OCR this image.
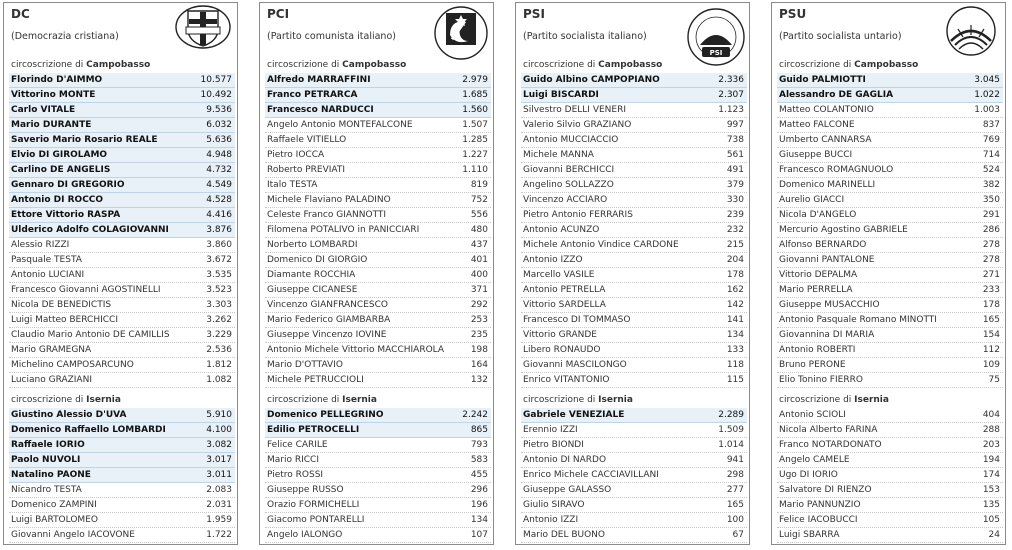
DC
(Democrazia cristiana)
circoscrizione di Campobasso
Florindo D'AIMMO	10.577
Vittorino MONTE	10.492
Carlo VITALE	9.536
Mario DURANTE	6.032
Saverio Mario Rosario REALE	5.636
Elvio DI GIROLAMO	4.948
Carlino DE ANGELIS	4.732
Gennaro DI GREGORIO	4.549
Antonio DI ROCCO	4.528
Ettore Vittorio RASPA	4.416
Ulderico Adolfo COLAGIOVANNI	3.876
Alessio RIZZI	3.860
Pasquale TESTA	3.672
Antonio LUCIANI	3.535
Francesco Giovanni AGOSTINELLI	3.523
Nicola DE BENEDICTIS	3.303
Luigi Matteo BERCHICCI	3.262
Claudio Mario Antonio DE CAMILLIS	3.229
Mario GRAMEGNA	2.536
Michelino CAMPOSARCUNO	1.812
Luciano GRAZIANI	1.082
circoscrizione di Isernia
Giustino Alessio D'UVA	5.910
Domenico Raffaello LOMBARDI	4.100
Raffaele IORIO	3.082
Paolo NUVOLI	3.017
Natalino PAONE	3.011
Nicandro TESTA	2.083
Domenico ZAMPINI	2.031
Luigi BARTOLOMEO	1.959
Giovanni Angelo IACOVONE	1.722
PCI
(Partito comunista italiano)
circoscrizione di Campobasso
Alfredo MARRAFFINI	2.979
Franco PETRARCA	1.685
Francesco NARDUCCI	1.560
Angelo Antonio MONTEFALCONE	1.507
Raffaele VITIELLO	1.285
Pietro IOCCA	1.227
Roberto PREVIATI	1.110
Italo TESTA	819
Michele Flaviano PALADINO	752
Celeste Franco GIANNOTTI	556
Filomena POTALIVO in PANICCIARI	480
Norberto LOMBARDI	437
Domenico DI GIORGIO	401
Diamante ROCCHIA	400
Giuseppe CICANESE	371
Vincenzo GIANFRANCESCO	292
Mario Federico GIAMBARBA	253
Giuseppe Vincenzo IOVINE	235
Antonio Michele Vittorio MACCHIAROLA	198
Mario D'OTTAVIO	164
Michele PETRUCCIOLI	132
circoscrizione di Isernia
Domenico PELLEGRINO	2.242
Edilio PETROCELLI	865
Felice CARILE	793
Mario RICCI	583
Pietro ROSSI	455
Giuseppe RUSSO	296
Orazio FORMICHELLI	196
Giacomo PONTARELLI	134
Angelo IALONGO	107
PSI
(Partito socialista italiano)
PSI
circoscrizione di Campobasso
Guido Albino CAMPOPIANO	2.336
Luigi BISCARDI	2.307
Silvestro DELLI VENERI	1.123
Valerio Silvio GRAZIANO	997
Antonio MUCCIACCIO	738
Michele MANNA	561
Giovanni BERCHICCI	491
Angelino SOLLAZZO	379
Vincenzo ACCIARO	330
Pietro Antonio FERRARIS	239
Antonio ACUNZO	232
Michele Antonio Vindice CARDONE	215
Antonio IZZO	204
Marcello VASILE	178
Antonio PETRELLA	162
Vittorio SARDELLA	142
Francesco DI TOMMASO	141
Vittorio GRANDE	134
Libero RONAUDO	133
Giovanni MASCILONGO	118
Enrico VITANTONIO	115
circoscrizione di Isernia
Gabriele VENEZIALE	2.289
Erennio IZZI	1.509
Pietro BIONDI	1.014
Antonio DI NARDO	941
Enrico Michele CACCIAVILLANI	298
Giuseppe GALASSO	277
Giulio SIRAVO	165
Antonio IZZI	100
Mario DEL BUONO	67
PSU
(Partito socialista untario)
circoscrizione di Campobasso
Guido PALMIOTTI	3.045
Alessandro DE GAGLIA	1.022
Matteo COLANTONIO	1.003
Matteo FALCONE	837
Umberto CANNARSA	769
Giuseppe BUCCI	714
Francesco ROMAGNUOLO	524
Domenico MARINELLI	382
Aurelio GIACCI	350
Nicola D'ANGELO	291
Mercurio Agostino GABRIELE	286
Alfonso BERNARDO	278
Giovanni PANTALONE	278
Vittorio DEPALMA	271
Mario PERRELLA	233
Giuseppe MUSACCHIO	178
Antonio Pasquale Romano MINOTTI	165
Giovannina DI MARIA	154
Antonio ROBERTI	112
Bruno PERONE	109
Elio Tonino FIERRO	75
circoscrizione di Isernia
Antonio SCIOLI	404
Nicola Alberto FARINA	288
Franco NOTARDONATO	203
Angelo CAMELE	194
Ugo DI IORIO	174
Salvatore DI RIENZO	153
Mario PANNUNZIO	135
Felice IACOBUCCI	105
Luigi SBARRA	24
